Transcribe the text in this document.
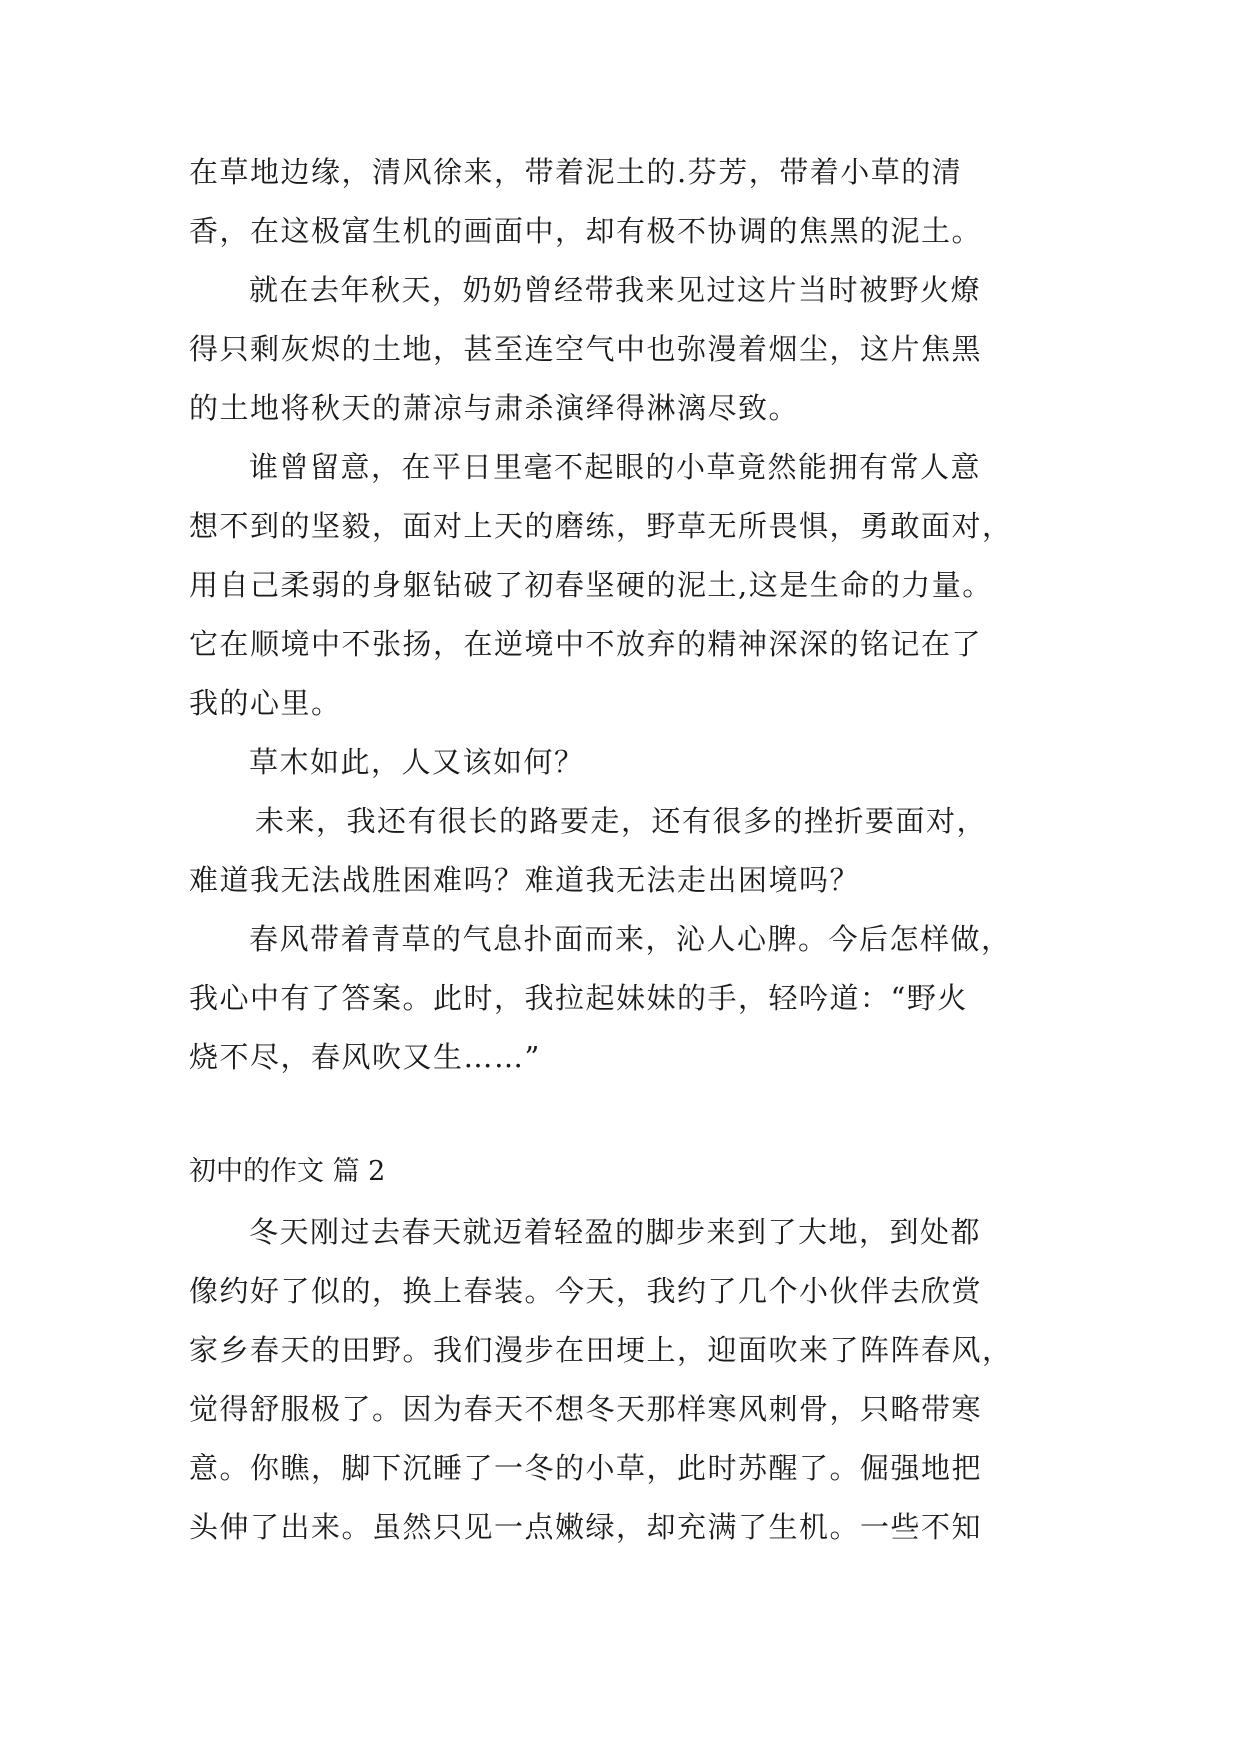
在草地边缘，清风徐来，带着泥土的.芬芳，带着小草的清
香，在这极富生机的画面中，却有极不协调的焦黑的泥土。
就在去年秋天，奶奶曾经带我来见过这片当时被野火燎
得只剩灰烬的土地，甚至连空气中也弥漫着烟尘，这片焦黑
的土地将秋天的萧凉与肃杀演绎得淋漓尽致。
谁曾留意，在平日里毫不起眼的小草竟然能拥有常人意
想不到的坚毅，面对上天的磨练，野草无所畏惧，勇敢面对，
用自己柔弱的身躯钻破了初春坚硬的泥土,这是生命的力量。
它在顺境中不张扬，在逆境中不放弃的精神深深的铭记在了
我的心里。
草木如此，人又该如何？
未来，我还有很长的路要走，还有很多的挫折要面对，
难道我无法战胜困难吗？难道我无法走出困境吗？
春风带着青草的气息扑面而来，沁人心脾。今后怎样做，
我心中有了答案。此时，我拉起妹妹的手，轻吟道：“野火
烧不尽，春风吹又生……”
初中的作文 篇 2
冬天刚过去春天就迈着轻盈的脚步来到了大地，到处都
像约好了似的，换上春装。今天，我约了几个小伙伴去欣赏
家乡春天的田野。我们漫步在田埂上，迎面吹来了阵阵春风，
觉得舒服极了。因为春天不想冬天那样寒风刺骨，只略带寒
意。你瞧，脚下沉睡了一冬的小草，此时苏醒了。倔强地把
头伸了出来。虽然只见一点嫩绿，却充满了生机。一些不知
